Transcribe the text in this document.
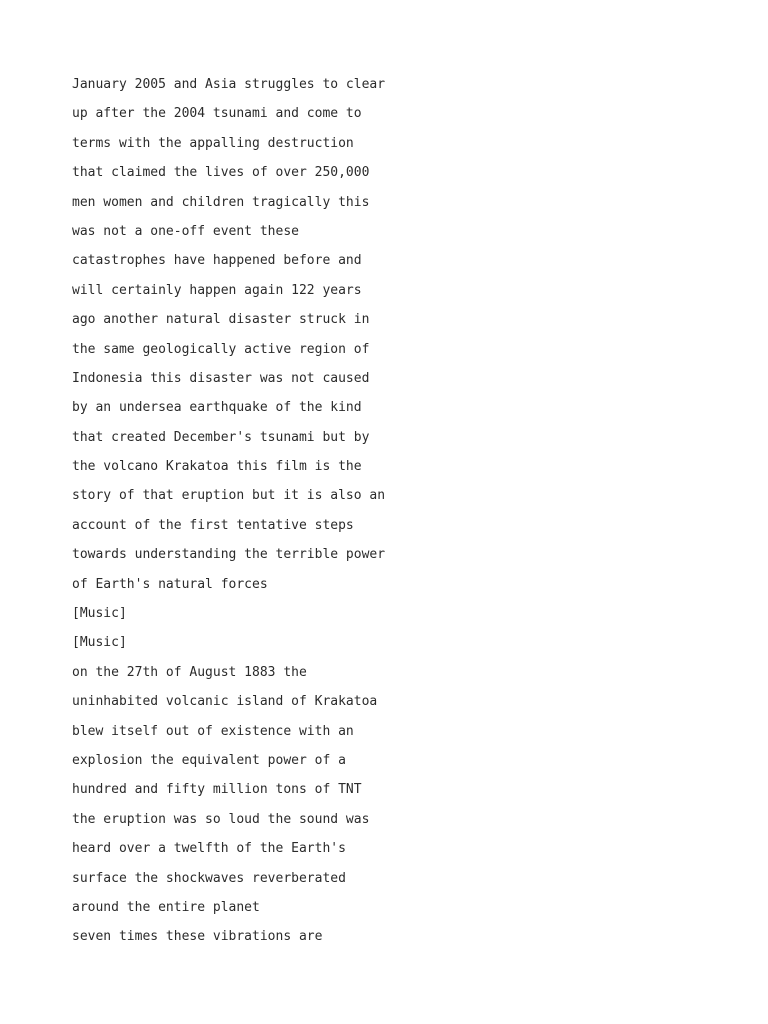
January 2005 and Asia struggles to clear
up after the 2004 tsunami and come to
terms with the appalling destruction
that claimed the lives of over 250,000
men women and children tragically this
was not a one-off event these
catastrophes have happened before and
will certainly happen again 122 years
ago another natural disaster struck in
the same geologically active region of
Indonesia this disaster was not caused
by an undersea earthquake of the kind
that created December's tsunami but by
the volcano Krakatoa this film is the
story of that eruption but it is also an
account of the first tentative steps
towards understanding the terrible power
of Earth's natural forces
[Music]
[Music]
on the 27th of August 1883 the
uninhabited volcanic island of Krakatoa
blew itself out of existence with an
explosion the equivalent power of a
hundred and fifty million tons of TNT
the eruption was so loud the sound was
heard over a twelfth of the Earth's
surface the shockwaves reverberated
around the entire planet
seven times these vibrations are
